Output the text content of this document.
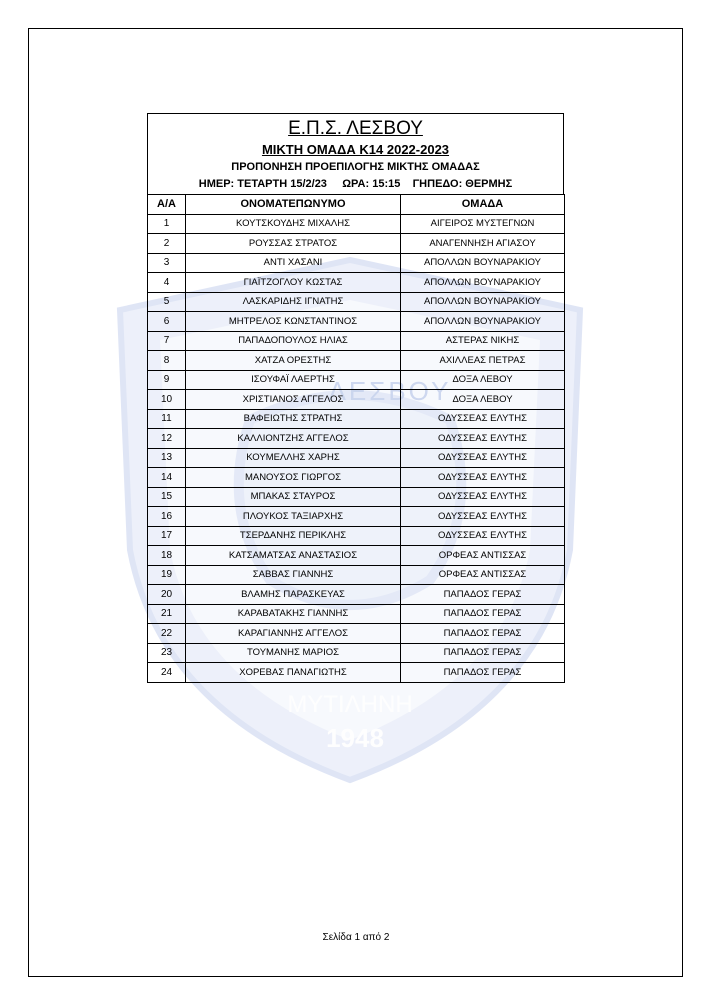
ΛΕΣΒΟΥ
ΜΥΤΙΛΗΝΗ
1948
Ε.Π.Σ. ΛΕΣΒΟΥ
ΜΙΚΤΗ ΟΜΑΔΑ Κ14 2022-2023
ΠΡΟΠΟΝΗΣΗ ΠΡΟΕΠΙΛΟΓΗΣ ΜΙΚΤΗΣ ΟΜΑΔΑΣ
ΗΜΕΡ: ΤΕΤΑΡΤΗ 15/2/23     ΩΡΑ: 15:15    ΓΗΠΕΔΟ: ΘΕΡΜΗΣ
Α/Α	ΟΝΟΜΑΤΕΠΩΝΥΜΟ	ΟΜΑΔΑ
1	ΚΟΥΤΣΚΟΥΔΗΣ ΜΙΧΑΛΗΣ	ΑΙΓΕΙΡΟΣ ΜΥΣΤΕΓΝΩΝ
2	ΡΟΥΣΣΑΣ ΣΤΡΑΤΟΣ	ΑΝΑΓΕΝΝΗΣΗ ΑΓΙΑΣΟΥ
3	ΑΝΤΙ ΧΑΣΑΝΙ	ΑΠΟΛΛΩΝ ΒΟΥΝΑΡΑΚΙΟΥ
4	ΓΙΑΪΤΖΟΓΛΟΥ ΚΩΣΤΑΣ	ΑΠΟΛΛΩΝ ΒΟΥΝΑΡΑΚΙΟΥ
5	ΛΑΣΚΑΡΙΔΗΣ ΙΓΝΑΤΗΣ	ΑΠΟΛΛΩΝ ΒΟΥΝΑΡΑΚΙΟΥ
6	ΜΗΤΡΕΛΟΣ ΚΩΝΣΤΑΝΤΙΝΟΣ	ΑΠΟΛΛΩΝ ΒΟΥΝΑΡΑΚΙΟΥ
7	ΠΑΠΑΔΟΠΟΥΛΟΣ ΗΛΙΑΣ	ΑΣΤΕΡΑΣ ΝΙΚΗΣ
8	ΧΑΤΖΑ ΟΡΕΣΤΗΣ	ΑΧΙΛΛΕΑΣ ΠΕΤΡΑΣ
9	ΙΣΟΥΦΑΪ ΛΑΕΡΤΗΣ	ΔΟΞΑ ΛΕΒΟΥ
10	ΧΡΙΣΤΙΑΝΟΣ ΑΓΓΕΛΟΣ	ΔΟΞΑ ΛΕΒΟΥ
11	ΒΑΦΕΙΩΤΗΣ ΣΤΡΑΤΗΣ	ΟΔΥΣΣΕΑΣ ΕΛΥΤΗΣ
12	ΚΑΛΛΙΟΝΤΖΗΣ ΑΓΓΕΛΟΣ	ΟΔΥΣΣΕΑΣ ΕΛΥΤΗΣ
13	ΚΟΥΜΕΛΛΗΣ ΧΑΡΗΣ	ΟΔΥΣΣΕΑΣ ΕΛΥΤΗΣ
14	ΜΑΝΟΥΣΟΣ ΓΙΩΡΓΟΣ	ΟΔΥΣΣΕΑΣ ΕΛΥΤΗΣ
15	ΜΠΑΚΑΣ ΣΤΑΥΡΟΣ	ΟΔΥΣΣΕΑΣ ΕΛΥΤΗΣ
16	ΠΛΟΥΚΟΣ ΤΑΞΙΑΡΧΗΣ	ΟΔΥΣΣΕΑΣ ΕΛΥΤΗΣ
17	ΤΣΕΡΔΑΝΗΣ ΠΕΡΙΚΛΗΣ	ΟΔΥΣΣΕΑΣ ΕΛΥΤΗΣ
18	ΚΑΤΣΑΜΑΤΣΑΣ ΑΝΑΣΤΑΣΙΟΣ	ΟΡΦΕΑΣ ΑΝΤΙΣΣΑΣ
19	ΣΑΒΒΑΣ ΓΙΑΝΝΗΣ	ΟΡΦΕΑΣ ΑΝΤΙΣΣΑΣ
20	ΒΛΑΜΗΣ ΠΑΡΑΣΚΕΥΑΣ	ΠΑΠΑΔΟΣ ΓΕΡΑΣ
21	ΚΑΡΑΒΑΤΑΚΗΣ ΓΙΑΝΝΗΣ	ΠΑΠΑΔΟΣ ΓΕΡΑΣ
22	ΚΑΡΑΓΙΑΝΝΗΣ ΑΓΓΕΛΟΣ	ΠΑΠΑΔΟΣ ΓΕΡΑΣ
23	ΤΟΥΜΑΝΗΣ ΜΑΡΙΟΣ	ΠΑΠΑΔΟΣ ΓΕΡΑΣ
24	ΧΟΡΕΒΑΣ ΠΑΝΑΓΙΩΤΗΣ	ΠΑΠΑΔΟΣ ΓΕΡΑΣ
Σελίδα 1 από 2
